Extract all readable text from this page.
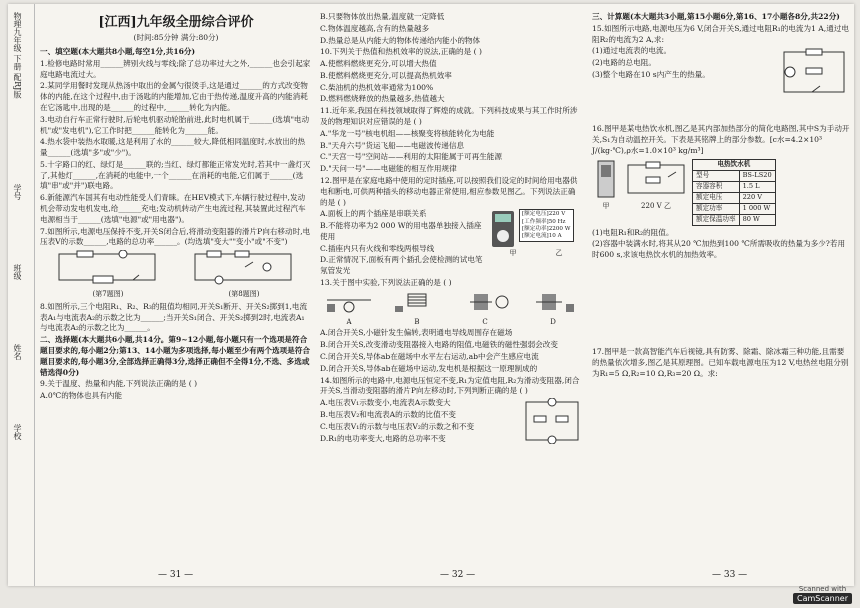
物理九年级 下册 配RJ版
学号
班级
姓名
学校
[江西]九年级全册综合评价
(时间:85分钟 满分:80分)

一、填空题(本大题共8小题,每空1分,共16分)

1.检修电路时常用______辨别火线与零线;除了总功率过大之外,______也会引起家庭电路电流过大。

2.某同学用餐时发现从热汤中取出的金属勺很烫手,这是通过______的方式改变物体的内能,在这个过程中,由于汤匙的内能增加,它由于热传递,温度升高的内能消耗在它汤匙中,出现的是______的过程中,______转化为内能。

3.电动自行车正常行驶时,后轮电机驱动轮胎前进,此时电机属于______(选填"电动机"或"发电机"),它工作时把______能转化为______能。

4.热水袋中装热水取暖,这是利用了水的______较大,降低相同温度时,水放出的热量______(选填"多"或"少")。

5.十字路口的红、绿灯是______联的;当红、绿灯都能正常发光时,若其中一盏灯灭了,其他灯______,在消耗的电能中,一个______在消耗的电能,它们属于______(选填"串"或"并")联电路。

6.新能源汽车国其有电动性能受人们青睐。在HEV模式下,车辆行驶过程中,发动机会带动发电机发电,给______充电;发动机转动产生电流过程,其装置此过程汽车电源相当于______(选填"电源"或"用电器")。

7.如图所示,电源电压保持不变,开关S闭合后,将滑动变阻器的滑片P向右移动时,电压表V的示数______,电路的总功率______。(均选填"变大""变小"或"不变")

(第7题图)	(第8题图)

8.如图所示,三个电阻R₁、R₂、R₃的阻值均相同,开关S₁断开、开关S₂掷到1,电流表A₁与电流表A₂的示数之比为______;当开关S₁闭合、开关S₂掷到2时,电流表A₁与电流表A₂的示数之比为______。

二、选择题(本大题共6小题,共14分。第9~12小题,每小题只有一个选项是符合题目要求的,每小题2分;第13、14小题为多项选择,每小题至少有两个选项是符合题目要求的,每小题3分,全部选择正确得3分,选择正确但不全得1分,不选、多选或错选得0分)

9.关于温度、热量和内能,下列说法正确的是 ( )

A.0℃的物体也具有内能

— 31 —

B.只要物体放出热量,温度就一定降低

C.物体温度越高,含有的热量越多

D.热量总是从内能大的物体传递给内能小的物体

10.下列关于热值和热机效率的说法,正确的是 ( )

A.使燃料燃烧更充分,可以增大热值

B.使燃料燃烧更充分,可以提高热机效率

C.柴油机的热机效率通常为100%

D.燃料燃烧释放的热量越多,热值越大

11.近年来,我国在科技领域取得了辉煌的成就。下列科技成果与其工作时所涉及的物理知识对应错误的是 ( )

A."华龙一号"核电机组——核聚变将核能转化为电能

B."天舟六号"货运飞船——电磁波传递信息

C."天宫一号"空间站——利用的太阳能属于可再生能源

D."天问一号"——电磁能的相互作用规律

12.图甲是在家庭电路中使用的定时插座,可以按照我们设定的时间给用电器供电和断电,可供两种插头的移动电器正常使用,相应参数见图乙。下列说法正确的是 ( )

A.面板上的两个插座是串联关系

B.不能将功率为2 000 W的用电器单独接入插座使用

C.插座内只有火线和零线两根导线

D.正常情况下,面板有两个插孔会使检测的试电笔氖管发光

[额定电压]220 V
[工作频率]50 Hz
[额定功率]2200 W
[额定电流]10 A
甲	乙

13.关于图中实验,下列说法正确的是 ( )

A	B	C	D

A.闭合开关S,小磁针发生偏转,表明通电导线周围存在磁场

B.闭合开关S,改变滑动变阻器接入电路的阻值,电磁铁的磁性强弱会改变

C.闭合开关S,导体ab在磁场中水平左右运动,ab中会产生感应电流

D.闭合开关S,导体ab在磁场中运动,发电机是根据这一原理制成的

14.如图所示的电路中,电源电压恒定不变,R₁为定值电阻,R₂为滑动变阻器,闭合开关S,当滑动变阻器的滑片P向左移动时,下列判断正确的是 ( )

A.电压表V₁示数变小,电流表A示数变大

B.电压表V₂和电流表A的示数的比值不变

C.电压表V₁的示数与电压表V₂的示数之和不变

D.R₁的电功率变大,电路的总功率不变

— 32 —

三、计算题(本大题共3小题,第15小题6分,第16、17小题各8分,共22分)

15.如图所示电路,电源电压为6 V,闭合开关S,通过电阻R₁的电流为1 A,通过电阻R₂的电流为2 A,求:

(1)通过电流表的电流。

(2)电路的总电阻。

(3)整个电路在10 s内产生的热量。

16.图甲是某电热饮水机,图乙是其内部加热部分的简化电路图,其中S为手动开关,S₁为自动温控开关。下表是其铭牌上的部分参数。[c水=4.2×10³ J/(kg·℃),ρ水=1.0×10³ kg/m³]

甲	220 V 乙
电热饮水机	
型号	BS-LS20
容器容积	1.5 L
额定电压	220 V
额定功率	1 000 W
额定保温功率	80 W

(1)电阻R₁和R₂的阻值。

(2)容器中装满水时,将其从20 ℃加热到100 ℃所需吸收的热量为多少?若用时600 s,求该电热饮水机的加热效率。

17.图甲是一款高智能汽车后视镜,具有防雾、除霜、除冰霜三种功能,且需要的热量依次增多,图乙是其原理图。已知车载电源电压为12 V,电热丝电阻分别为R₁=5 Ω,R₂=10 Ω,R₃=20 Ω。求:

— 33 —
Scanned with
CamScanner
